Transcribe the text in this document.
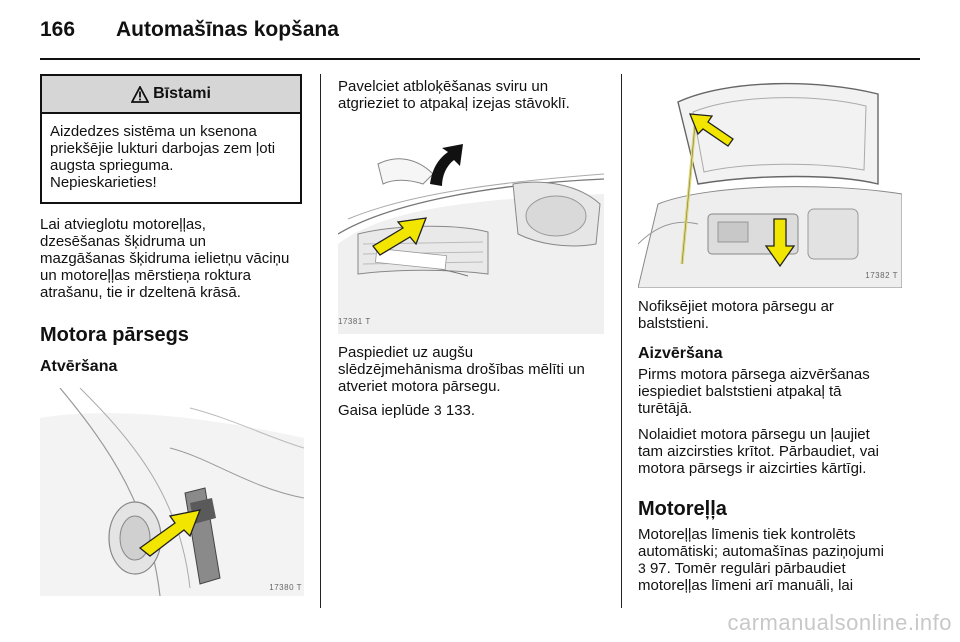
166 Automašīnas kopšana
Bīstami
Aizdedzes sistēma un ksenona
priekšējie lukturi darbojas zem ļoti
augsta sprieguma.
Nepieskarieties!
Lai atvieglotu motoreļļas,
dzesēšanas šķidruma un
mazgāšanas šķidruma ielietņu vāciņu
un motoreļļas mērstieņa roktura
atrašanu, tie ir dzeltenā krāsā.
Motora pārsegs
Atvēršana
17380 T
Pavelciet atbloķēšanas sviru un
atgrieziet to atpakaļ izejas stāvoklī.
17381 T
Paspiediet uz augšu
slēdzējmehānisma drošības mēlīti un
atveriet motora pārsegu.
Gaisa ieplūde 3 133.
17382 T
Nofiksējiet motora pārsegu ar
balststieni.
Aizvēršana
Pirms motora pārsega aizvēršanas
iespiediet balststieni atpakaļ tā
turētājā.
Nolaidiet motora pārsegu un ļaujiet
tam aizcirsties krītot. Pārbaudiet, vai
motora pārsegs ir aizcirties kārtīgi.
Motoreļļa
Motoreļļas līmenis tiek kontrolēts
automātiski; automašīnas paziņojumi
3 97. Tomēr regulāri pārbaudiet
motoreļļas līmeni arī manuāli, lai
carmanualsonline.info
